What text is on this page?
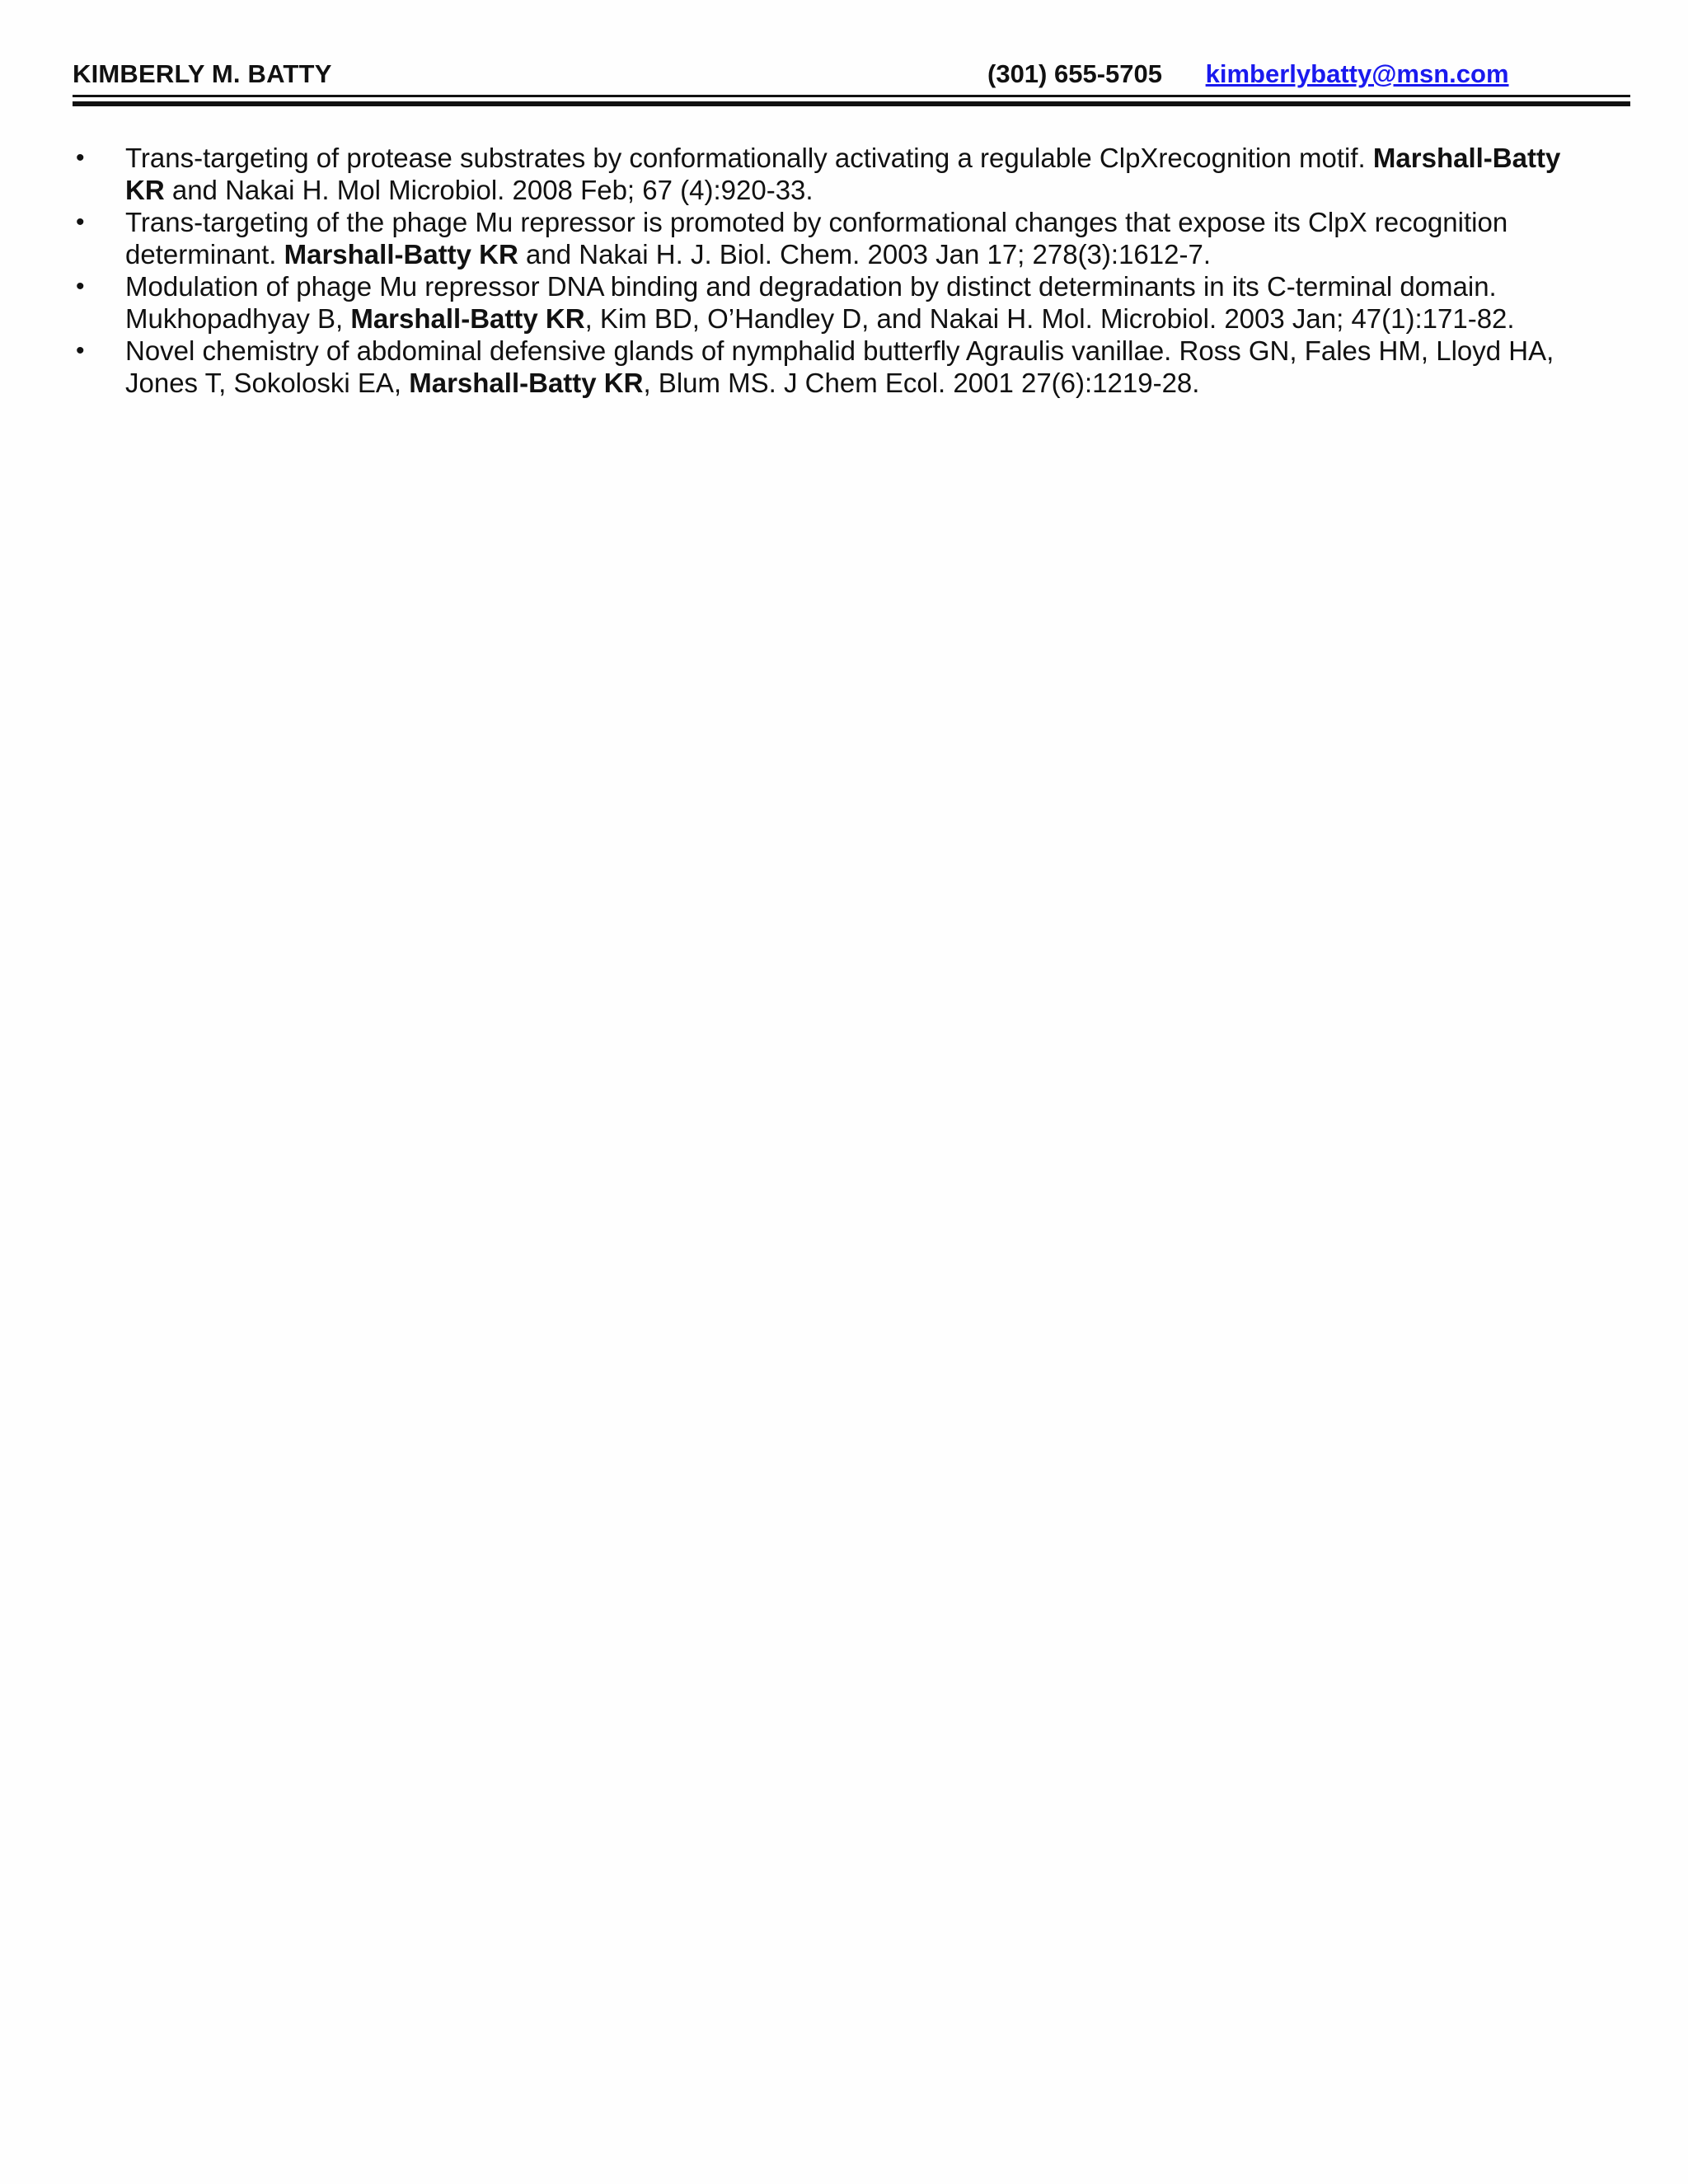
KIMBERLY M. BATTY	(301) 655-5705 kimberlybatty@msn.com
• Trans-targeting of protease substrates by conformationally activating a regulable ClpXrecognition motif. Marshall-Batty KR and Nakai H. Mol Microbiol. 2008 Feb; 67 (4):920-33.
• Trans-targeting of the phage Mu repressor is promoted by conformational changes that expose its ClpX recognition determinant. Marshall-Batty KR and Nakai H. J. Biol. Chem. 2003 Jan 17; 278(3):1612-7.
• Modulation of phage Mu repressor DNA binding and degradation by distinct determinants in its C-terminal domain. Mukhopadhyay B, Marshall-Batty KR, Kim BD, O’Handley D, and Nakai H. Mol. Microbiol. 2003 Jan; 47(1):171-82.
• Novel chemistry of abdominal defensive glands of nymphalid butterfly Agraulis vanillae. Ross GN, Fales HM, Lloyd HA, Jones T, Sokoloski EA, Marshall-Batty KR, Blum MS. J Chem Ecol. 2001 27(6):1219-28.
